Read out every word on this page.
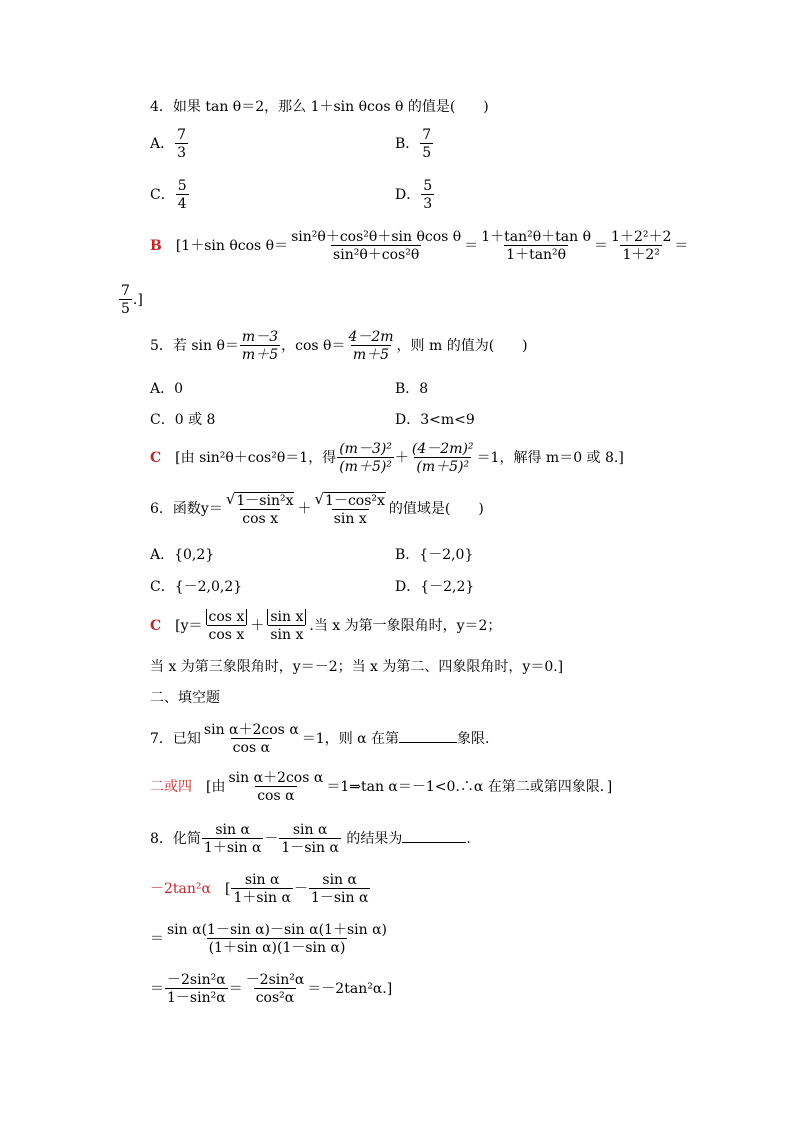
4．如果 tan θ＝2，那么 1＋sin θcos θ 的值是(　　)
A． $\frac{7}{3}$	B． $\frac{7}{5}$
C． $\frac{5}{4}$	D． $\frac{5}{3}$
B [1＋sin θcos $\theta= \frac{\text{sin²θ＋cos²θ＋sin θcos θ}}{\text{sin²θ＋cos²θ}} = \frac{\text{1＋tan²θ＋tan θ}}{\text{1＋tan²θ}} = \frac{\text{1＋2²＋2}}{\text{1＋2²}}$ ＝
$\frac{7}{5}$ .]
5．若 $\sin \theta= \frac{m-3}{m+5}$ ，$\cos \theta= \frac{4-2m}{m+5}$ ，则 m 的值为(　　)
A．0	B．8
C．0 或 8	D．3<m<9
C [由 sin²θ＋cos²θ＝1，得 $\frac{\text{(m－3)²}}{\text{(m＋5)²}} + \frac{\text{(4－2m)²}}{\text{(m＋5)²}} =1$，解得 m＝0 或 8.]
6．函数$y= \frac{\text{√ 1－sin²x}}{\text{cos x}} + \frac{\text{√ 1－cos²x}}{\text{sin x}}$ 的值域是(　　)
A．{0,2}	B．{－2,0}
C．{－2,0,2}	D．{－2,2}
C [$y= \frac{\text{cos x}}{\text{cos x}} + \frac{\text{sin x}}{\text{sin x}}$ .当 x 为第一象限角时，y＝2；
当 x 为第三象限角时，y＝－2；当 x 为第二、四象限角时，y＝0.]
二、填空题
7．已知 $\frac{\text{sin α＋2cos α}}{\text{cos α}} =1$，则 α 在第	象限.
二或四 [由 $\frac{\text{sin α＋2cos α}}{\text{cos α}}$ ＝1⇒tan α＝－1<0.∴α 在第二或第四象限．]
8．化简 $\frac{\text{sin α}}{\text{1＋sin α}} - \frac{\text{sin α}}{\text{1－sin α}}$ 的结果为	.
－2tan²α [ $\frac{\text{sin α}}{\text{1＋sin α}} - \frac{\text{sin α}}{\text{1－sin α}}$
＝ $\frac{\text{sin α(1－sin α)－sin α(1＋sin α)}}{\text{(1＋sin α)(1－sin α)}}$
＝ $\frac{\text{－2sin²α}}{\text{1－sin²α}} = \frac{\text{－2sin²α}}{\text{cos²α}} =-2\tan^2\alpha$.]
